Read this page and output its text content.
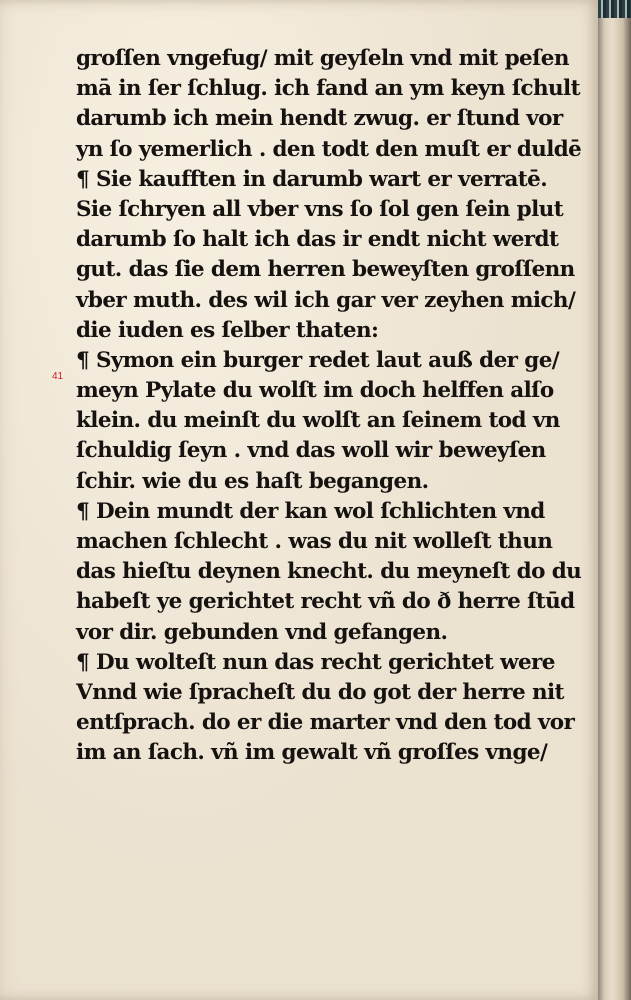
41
groſſen vngefug/ mit geyſeln vnd mit peſen
mā in ſer ſchlug. ich fand an ym keyn ſchult
darumb ich mein hendt zwug. er ſtund vor
yn ſo yemerlich . den todt den muſt er duldē
¶ Sie kaufften in darumb wart er verratē.
Sie ſchryen all vber vns ſo ſol gen ſein plut
darumb ſo halt ich das ir endt nicht werdt
gut. das ſie dem herren beweyſten groſſenn
vber muth. des wil ich gar ver zeyhen mich/
die iuden es ſelber thaten:
¶ Symon ein burger redet laut auß der ge/
meyn Pylate du wolſt im doch helffen alſo
klein. du meinſt du wolſt an ſeinem tod vn
ſchuldig ſeyn . vnd das woll wir beweyſen
ſchir. wie du es haſt begangen.
¶ Dein mundt der kan wol ſchlichten vnd
machen ſchlecht . was du nit wolleſt thun
das hieſtu deynen knecht. du meyneſt do du
habeſt ye gerichtet recht vñ do ð herre ſtūd
vor dir. gebunden vnd gefangen.
¶ Du wolteſt nun das recht gerichtet were
Vnnd wie ſpracheſt du do got der herre nit
entſprach. do er die marter vnd den tod vor
im an ſach. vñ im gewalt vñ groſſes vnge/
